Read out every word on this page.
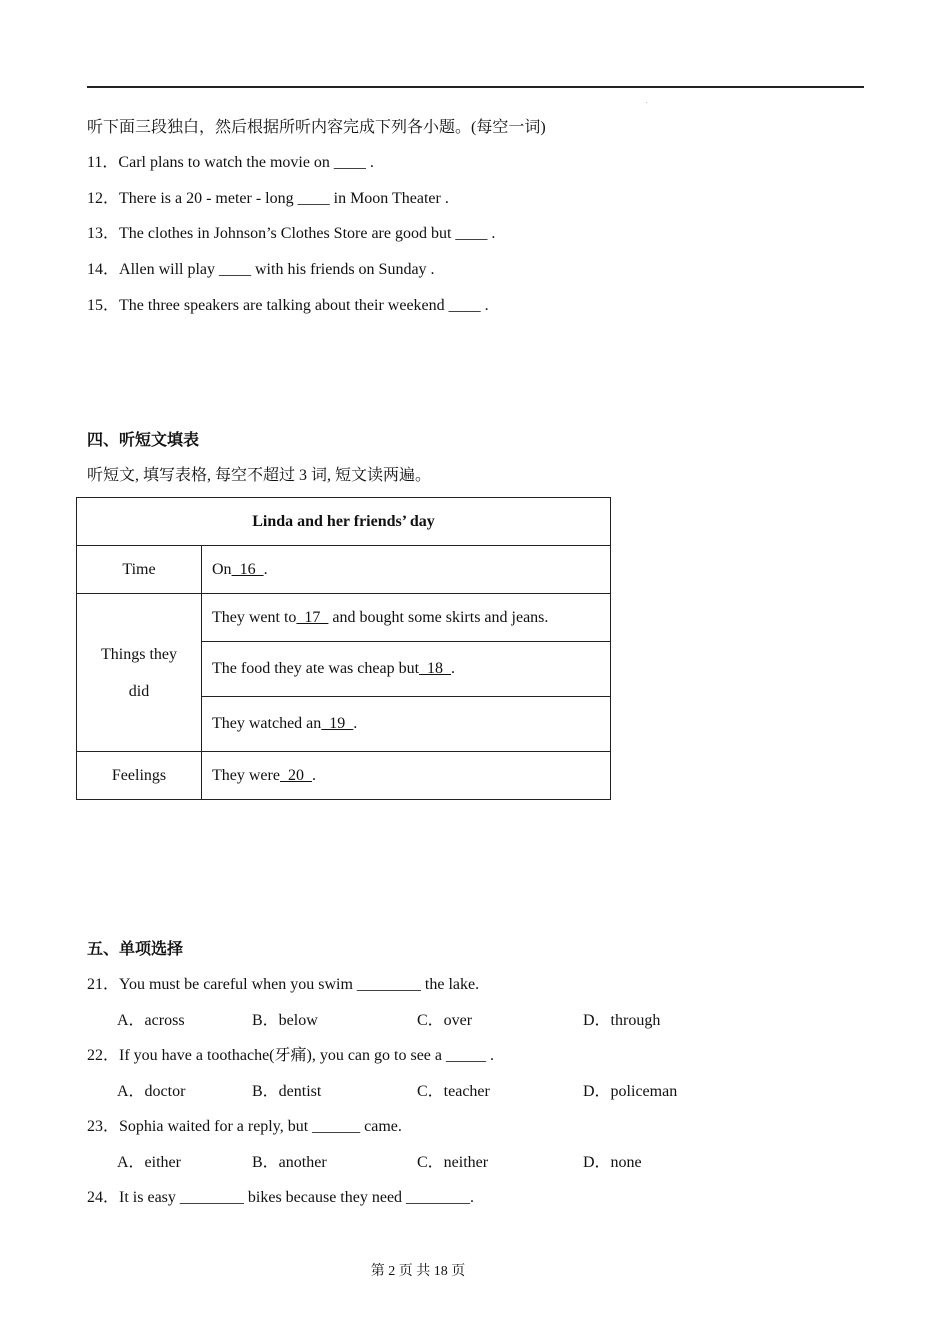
.
听下面三段独白，然后根据所听内容完成下列各小题。(每空一词)
11．Carl plans to watch the movie on ____ .
12．There is a 20 - meter - long ____ in Moon Theater .
13．The clothes in Johnson’s Clothes Store are good but ____ .
14．Allen will play ____ with his friends on Sunday .
15．The three speakers are talking about their weekend ____ .
四、听短文填表
听短文, 填写表格, 每空不超过 3 词, 短文读两遍。
Linda and her friends’ day	
Time	On  16  .
Things they
did	They went to  17   and bought some skirts and jeans.
	The food they ate was cheap but  18  .
	They watched an  19  .
Feelings	They were  20  .
五、单项选择
21．You must be careful when you swim ________ the lake.
A．across	B．below	C．over	D．through
22．If you have a toothache(牙痛), you can go to see a _____ .
A．doctor	B．dentist	C．teacher	D．policeman
23．Sophia waited for a reply, but ______ came.
A．either	B．another	C．neither	D．none
24．It is easy ________ bikes because they need ________.
第 2 页 共 18 页
